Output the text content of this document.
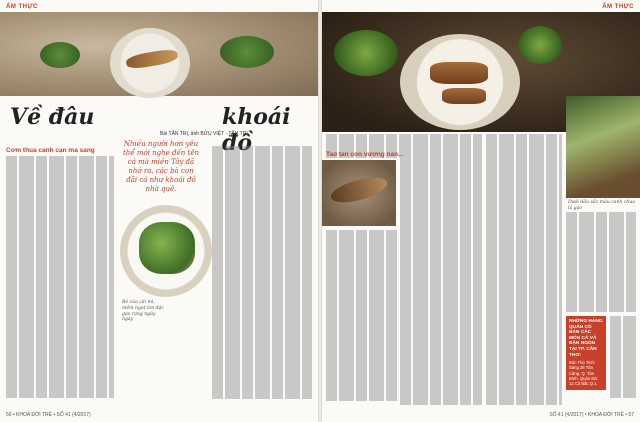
ẨM THỰC
Về đâu	khoái đồ
Bài TẤN TRỊ, ảnh BỬU VIỆT - TẤN TRỊ
Cơm thua canh cạn ma sang
Nhiều người hơn yêu thể mới nghe đến tên cá mà miền Tây đã nhớ ra, các bà con đãi cá như khoái đồ nhà quê.
Bé của cái mì, mềm ngọt lòn đặc gạo rang ngày ngày
56 • KHOA ĐỜI TRẺ • SỐ 41 (4/2017)
ẨM THỰC
Dưới dấu sắc màu canh chua lá gạo
Tao tan con vương nan...
NHỮNG HÀNG QUÁN CÓ BÁN CÁC MÓN CÁ VÀ ĐẶN NGÒN TẠI TP. CẦN THƠ:
Bún Thọ Tinh: Sáng 28 Tân Cảng, Q. Tân Bình. Quán Đá: 12 Cô Bắc Q.1.
SỐ 41 (4/2017) • KHOA ĐỜI TRẺ • 57
